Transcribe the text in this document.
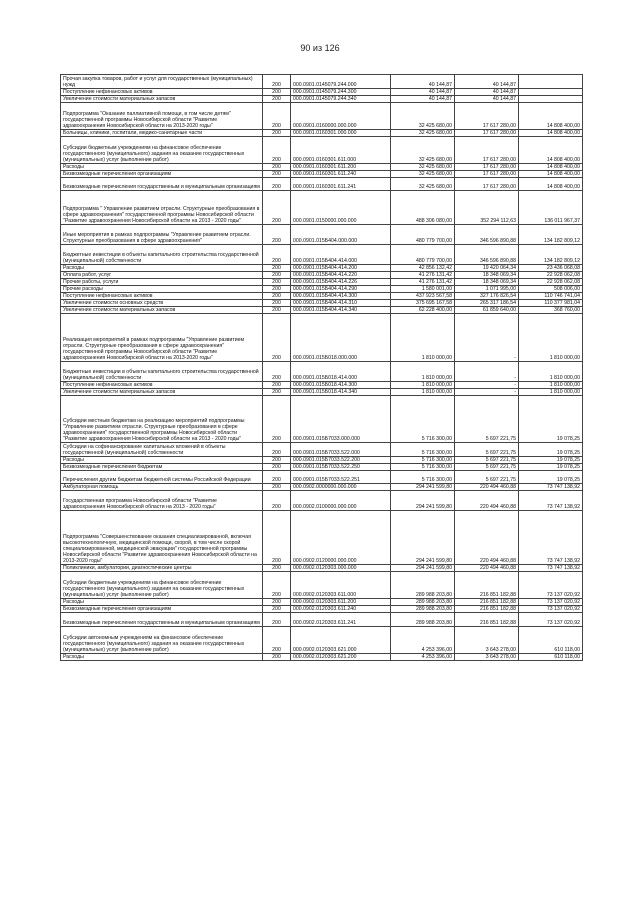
90 из 126
Прочая закупка товаров, работ и услуг для государственных (муниципальных) нужд	200	000.0901.0145079.244.000	40 144,87	40 144,87	
Поступление нефинансовых активов	200	000.0901.0145079.244.300	40 144,87	40 144,87	
Увеличение стоимости материальных запасов	200	000.0901.0145079.244.340	40 144,87	40 144,87	
Подпрограмма "Оказание паллиативной помощи, в том числе детям" государственной программы Новосибирской области "Развитие здравоохранения Новосибирской области на 2013-2020 годы"	200	000.0901.0160000.000.000	32 425 680,00	17 617 280,00	14 808 400,00
Больницы, клиники, госпитали, медико-санитарные части	200	000.0901.0160301.000.000	32 425 680,00	17 617 280,00	14 808 400,00
Субсидии бюджетным учреждениям на финансовое обеспечение государственного (муниципального) задания на оказание государственных (муниципальных) услуг (выполнение работ)	200	000.0901.0160301.611.000	32 425 680,00	17 617 280,00	14 808 400,00
Расходы	200	000.0901.0160301.611.200	32 425 680,00	17 617 280,00	14 808 400,00
Безвозмездные перечисления организациям	200	000.0901.0160301.611.240	32 425 680,00	17 617 280,00	14 808 400,00
Безвозмездные перечисления государственным и муниципальным организациям	200	000.0901.0160301.611.241	32 425 680,00	17 617 280,00	14 808 400,00
Подпрограмма " Управление развитием отрасли. Структурные преобразования в сфере здравоохранения" государственной программы Новосибирской области "Развитие здравоохранения Новосибирской области на 2013 - 2020 годы"	200	000.0901.0150000.000.000	488 306 080,00	352 294 112,63	136 011 967,37
Иные мероприятия в рамках подпрограммы "Управление развитием отрасли. Структурные преобразования в сфере здравоохранения"	200	000.0901.015Б404.000.000	480 779 700,00	346 596 890,88	134 182 809,12
Бюджетные инвестиции в объекты капитального строительства государственной (муниципальной) собственности	200	000.0901.015Б404.414.000	480 779 700,00	346 596 890,88	134 182 809,12
Расходы	200	000.0901.015Б404.414.200	42 856 132,42	19 420 064,34	23 436 068,08
Оплата работ, услуг	200	000.0901.015Б404.414.220	41 276 131,42	18 348 069,34	22 928 062,08
Прочие работы, услуги	200	000.0901.015Б404.414.226	41 276 131,42	18 348 069,34	22 928 062,08
Прочие расходы	200	000.0901.015Б404.414.290	1 580 001,00	1 071 995,00	508 006,00
Поступление нефинансовых активов	200	000.0901.015Б404.414.300	437 923 567,58	327 176 826,54	110 746 741,04
Увеличение стоимости основных средств	200	000.0901.015Б404.414.310	375 695 167,58	265 317 186,54	110 377 981,04
Увеличение стоимости материальных запасов	200	000.0901.015Б404.414.340	62 228 400,00	61 859 640,00	368 760,00
Реализация мероприятий в рамках подпрограммы "Управление развитием отрасли. Структурные преобразования в сфере здравоохранения" государственной программы Новосибирской области "Развитие здравоохранения Новосибирской области на 2013-2020 годы"	200	000.0901.015Б018.000.000	1 810 000,00	-	1 810 000,00
Бюджетные инвестиции в объекты капитального строительства государственной (муниципальной) собственности	200	000.0901.015Б018.414.000	1 810 000,00	-	1 810 000,00
Поступление нефинансовых активов	200	000.0901.015Б018.414.300	1 810 000,00	-	1 810 000,00
Увеличение стоимости материальных запасов	200	000.0901.015Б018.414.340	1 810 000,00	-	1 810 000,00
Субсидии местным бюджетам на реализацию мероприятий подпрограммы "Управление развитием отрасли. Структурные преобразования в сфере здравоохранения" государственной программы Новосибирской области "Развитие здравоохранения Новосибирской области на 2013 - 2020 годы"	200	000.0901.015Б7033.000.000	5 716 300,00	5 697 221,75	19 078,25
Субсидии на софинансирование капитальных вложений в объекты государственной (муниципальной) собственности	200	000.0901.015Б7033.522.000	5 716 300,00	5 697 221,75	19 078,25
Расходы	200	000.0901.015Б7033.522.200	5 716 300,00	5 697 221,75	19 078,25
Безвозмездные перечисления бюджетам	200	000.0901.015Б7033.522.250	5 716 300,00	5 697 221,75	19 078,25
Перечисления другим бюджетам бюджетной системы Российской Федерации	200	000.0901.015Б7033.522.251	5 716 300,00	5 697 221,75	19 078,25
Амбулаторная помощь	200	000.0902.0000000.000.000	294 241 599,80	220 494 460,88	73 747 138,92
Государственная программа Новосибирской области "Развитие здравоохранения Новосибирской области на 2013 - 2020 годы"	200	000.0902.0100000.000.000	294 241 599,80	220 494 460,88	73 747 138,92
Подпрограмма "Совершенствование оказания специализированной, включая высокотехнологичную, медицинской помощи, скорой, в том числе скорой специализированной, медицинской эвакуации" государственной программы Новосибирской области "Развитие здравоохранения Новосибирской области на 2013-2020 годы"	200	000.0902.0120000.000.000	294 241 599,80	220 494 460,88	73 747 138,92
Поликлиники, амбулатории, диагностические центры	200	000.0902.0120303.000.000	294 241 599,80	220 494 460,88	73 747 138,92
Субсидии бюджетным учреждениям на финансовое обеспечение государственного (муниципального) задания на оказание государственных (муниципальных) услуг (выполнение работ)	200	000.0902.0120303.611.000	289 988 203,80	216 851 182,88	73 137 020,92
Расходы	200	000.0902.0120303.611.200	289 988 203,80	216 851 182,88	73 137 020,92
Безвозмездные перечисления организациям	200	000.0902.0120303.611.240	289 988 203,80	216 851 182,88	73 137 020,92
Безвозмездные перечисления государственным и муниципальным организациям	200	000.0902.0120303.611.241	289 988 203,80	216 851 182,88	73 137 020,92
Субсидии автономным учреждениям на финансовое обеспечение государственного (муниципального) задания на оказание государственных (муниципальных) услуг (выполнение работ)	200	000.0902.0120303.621.000	4 253 396,00	3 643 278,00	610 118,00
Расходы	200	000.0902.0120303.621.200	4 253 396,00	3 643 278,00	610 118,00
